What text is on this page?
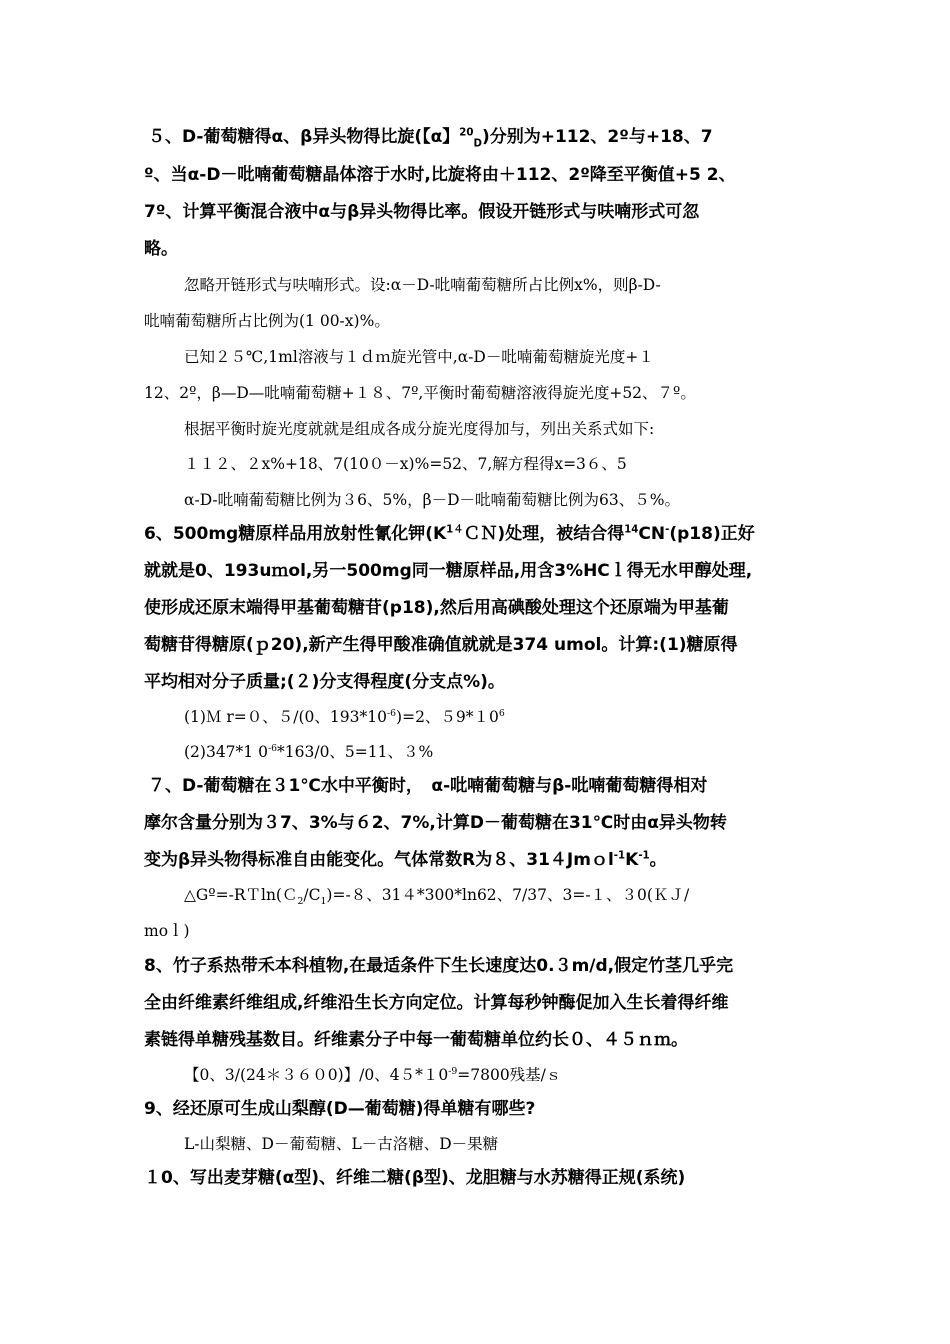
５、D-葡萄糖得α、β异头物得比旋(【α】$^{20}_D$)分别为+112、2º与+18、7
º、当α-D－吡喃葡萄糖晶体溶于水时,比旋将由＋112、2º降至平衡值+5 2、
7º、计算平衡混合液中α与β异头物得比率。假设开链形式与呋喃形式可忽
略。
忽略开链形式与呋喃形式。设:α－D-吡喃葡萄糖所占比例x%，则β-D-
吡喃葡萄糖所占比例为(1 00-x)%。
已知２５℃,1ml溶液与１ｄｍ旋光管中,α-D－吡喃葡萄糖旋光度+１
12、2º，β—D—吡喃葡萄糖+１８、7º,平衡时葡萄糖溶液得旋光度+52、７º。
根据平衡时旋光度就就是组成各成分旋光度得加与，列出关系式如下:
１１２、２x%+18、7(10０－x)%=52、7,解方程得x=3６、5
α-D-吡喃葡萄糖比例为３6、5%，β－D－吡喃葡萄糖比例为63、５%。
6、500mg糖原样品用放射性氰化钾$(K^{14}CN)$处理，被结合得$^{14}$CN-(p18)正好
就就是0、193uｍol,另一500mg同一糖原样品,用含3%HCｌ得无水甲醇处理,
使形成还原末端得甲基葡萄糖苷(p18),然后用高碘酸处理这个还原端为甲基葡
萄糖苷得糖原(ｐ20),新产生得甲酸准确值就就是374 umol。计算:(1)糖原得
平均相对分子质量;(２)分支得程度(分支点%)。
(1)Ｍ r=０、５/(0、$193*10^{-6})=2$、$59*10^6$
(2)347*1 $0^{-6}*163/0$、5=11、３%
７、D-葡萄糖在３1℃水中平衡时，　α-吡喃葡萄糖与β-吡喃葡萄糖得相对
摩尔含量分别为３7、3%与６2、7%,计算D－葡萄糖在31℃时由α异头物转
变为β异头物得标准自由能变化。气体常数R为８、$314Jmol^{-1}K^{-1}$。
$\triangle Gº=-RT\ln(C_2/C_1)=-8$、31４*300*ln62、7/37、3=-１、３0(ＫＪ/
moｌ)
8、竹子系热带禾本科植物,在最适条件下生长速度达0.３m/d,假定竹茎几乎完
全由纤维素纤维组成,纤维沿生长方向定位。计算每秒钟酶促加入生长着得纤维
素链得单糖残基数目。纤维素分子中每一葡萄糖单位约长０、４５ｎｍ。
【0、3/(24＊３６０0)】/0、$45*10^{-9}=7800$残基/ｓ
9、经还原可生成山梨醇(D—葡萄糖)得单糖有哪些?
L-山梨糖、D－葡萄糖、L－古洛糖、D－果糖
１0、写出麦芽糖(α型)、纤维二糖(β型)、龙胆糖与水苏糖得正规(系统)
